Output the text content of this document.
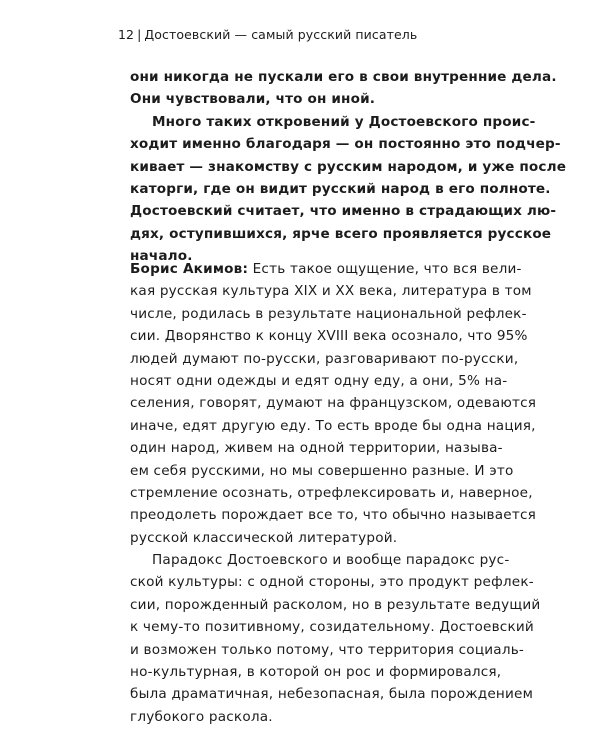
12 | Достоевский — самый русский писатель
они никогда не пускали его в свои внутренние дела.
Они чувствовали, что он иной.
Много таких откровений у Достоевского проис-
ходит именно благодаря — он постоянно это подчер-
кивает — знакомству с русским народом, и уже после
каторги, где он видит русский народ в его полноте.
Достоевский считает, что именно в страдающих лю-
дях, оступившихся, ярче всего проявляется русское
начало.
Борис Акимов: Есть такое ощущение, что вся вели-
кая русская культура XIX и XX века, литература в том
числе, родилась в результате национальной рефлек-
сии. Дворянство к концу XVIII века осознало, что 95%
людей думают по-русски, разговаривают по-русски,
носят одни одежды и едят одну еду, а они, 5% на-
селения, говорят, думают на французском, одеваются
иначе, едят другую еду. То есть вроде бы одна нация,
один народ, живем на одной территории, называ-
ем себя русскими, но мы совершенно разные. И это
стремление осознать, отрефлексировать и, наверное,
преодолеть порождает все то, что обычно называется
русской классической литературой.
Парадокс Достоевского и вообще парадокс рус-
ской культуры: с одной стороны, это продукт рефлек-
сии, порожденный расколом, но в результате ведущий
к чему-то позитивному, созидательному. Достоевский
и возможен только потому, что территория социаль-
но-культурная, в которой он рос и формировался,
была драматичная, небезопасная, была порождением
глубокого раскола.
